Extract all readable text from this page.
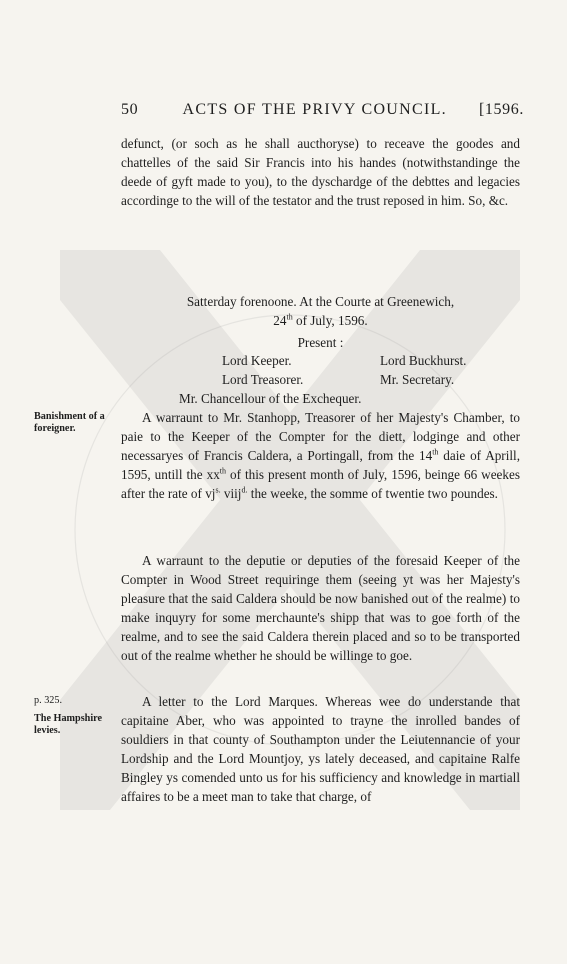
50	ACTS OF THE PRIVY COUNCIL. [1596.

defunct, (or soch as he shall aucthoryse) to receave the goodes and chattelles of the said Sir Francis into his handes (notwithstandinge the deede of gyft made to you), to the dyschardge of the debttes and legacies accordinge to the will of the testator and the trust reposed in him. So, &c.

Satterday forenoone. At the Courte at Greenewich,
24th of July, 1596.
Present :
Lord Keeper.	Lord Buckhurst.
Lord Treasorer.	Mr. Secretary.
Mr. Chancellour of the Exchequer.
Banishment of a foreigner.

A warraunt to Mr. Stanhopp, Treasorer of her Majesty's Chamber, to paie to the Keeper of the Compter for the diett, lodginge and other necessaryes of Francis Caldera, a Portingall, from the 14th daie of Aprill, 1595, untill the $xx^{th}$ of this present month of July, 1596, beinge 66 weekes after the rate of $vj^{s.}$ viij$^{d.}$ the weeke, the somme of twentie two poundes.

A warraunt to the deputie or deputies of the foresaid Keeper of the Compter in Wood Street requiringe them (seeing yt was her Majesty's pleasure that the said Caldera should be now banished out of the realme) to make inquyry for some merchaunte's shipp that was to goe forth of the realme, and to see the said Caldera therein placed and so to be transported out of the realme whether he should be willinge to goe.

p. 325.
The Hampshire levies.

A letter to the Lord Marques. Whereas wee do understande that capitaine Aber, who was appointed to trayne the inrolled bandes of souldiers in that county of Southampton under the Leiutennancie of your Lordship and the Lord Mountjoy, ys lately deceased, and capitaine Ralfe Bingley ys comended unto us for his sufficiency and knowledge in martiall affaires to be a meet man to take that charge, of
